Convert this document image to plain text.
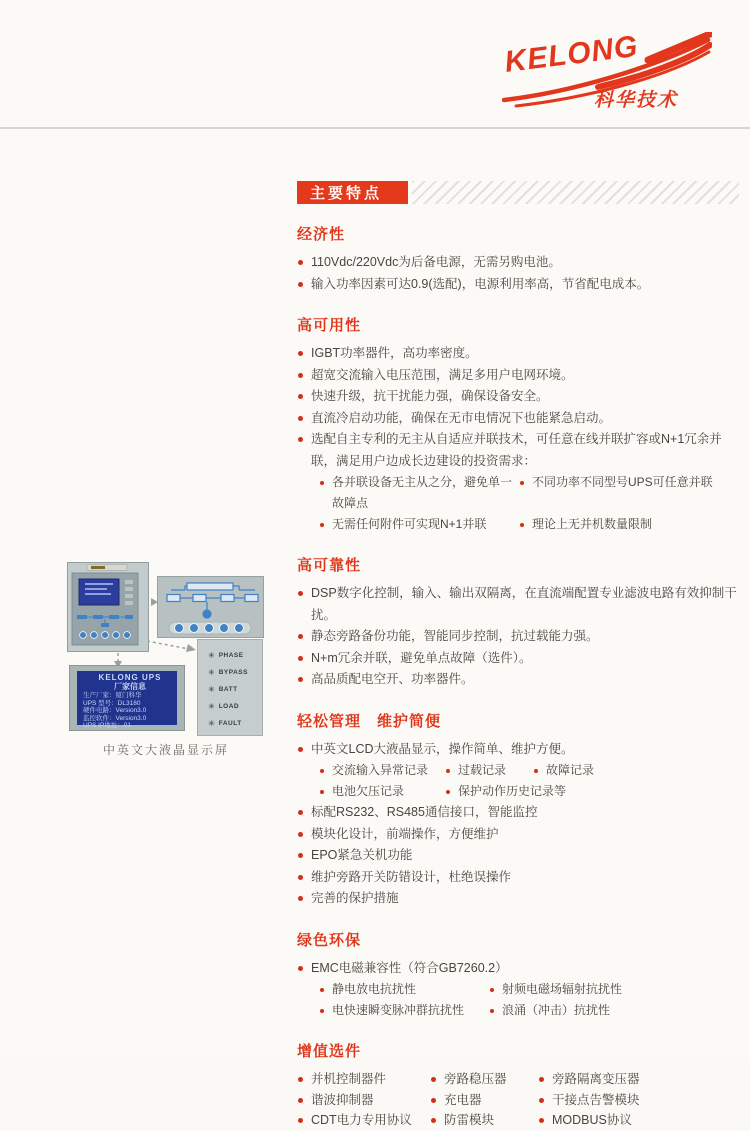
KELONG
科华技术
KELONG UPS
厂家信息
生产厂家：厦门科华
UPS 型号：DL3180
硬件电路：Version3.0
监控软件：Version3.0
UPS IP地址：01
✳ PHASE
✳ BYPASS
✳ BATT
✳ LOAD
✳ FAULT
中英文大液晶显示屏
主要特点
经济性
110Vdc/220Vdc为后备电源，无需另购电池。
输入功率因素可达0.9(选配)，电源利用率高，节省配电成本。
高可用性
IGBT功率器件，高功率密度。
超宽交流输入电压范围，满足多用户电网环境。
快速升级，抗干扰能力强，确保设备安全。
直流冷启动功能，确保在无市电情况下也能紧急启动。
选配自主专利的无主从自适应并联技术，可任意在线并联扩容或N+1冗余并联，满足用户边成长边建设的投资需求：
各并联设备无主从之分，避免单一故障点
不同功率不同型号UPS可任意并联
无需任何附件可实现N+1并联	理论上无并机数量限制
高可靠性
DSP数字化控制，输入、输出双隔离，在直流端配置专业滤波电路有效抑制干扰。
静态旁路备份功能，智能同步控制，抗过载能力强。
N+m冗余并联，避免单点故障（选件）。
高品质配电空开、功率器件。
轻松管理　维护简便
中英文LCD大液晶显示，操作简单、维护方便。
交流输入异常记录	过载记录	故障记录
电池欠压记录	保护动作历史记录等
标配RS232、RS485通信接口，智能监控
模块化设计，前端操作，方便维护
EPO紧急关机功能
维护旁路开关防错设计，杜绝误操作
完善的保护措施
绿色环保
EMC电磁兼容性（符合GB7260.2）
静电放电抗扰性	射频电磁场辐射抗扰性
电快速瞬变脉冲群抗扰性	浪涌（冲击）抗扰性
增值选件
并机控制器件	旁路稳压器	旁路隔离变压器
谐波抑制器	充电器	干接点告警模块
CDT电力专用协议	防雷模块	MODBUS协议
